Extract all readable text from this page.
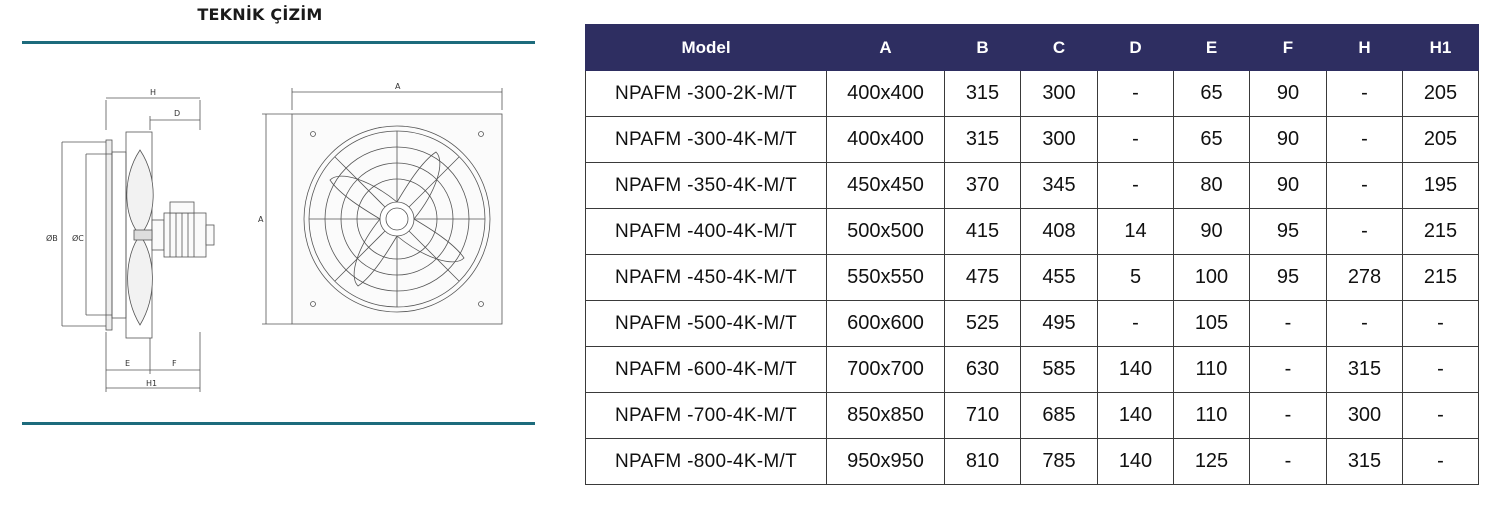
TEKNİK ÇİZİM
H
D
ØB ØC
E	F
H1
A
A
Model	A	B	C	D	E	F	H	H1
NPAFM -300-2K-M/T	400x400	315	300	-	65	90	-	205
NPAFM -300-4K-M/T	400x400	315	300	-	65	90	-	205
NPAFM -350-4K-M/T	450x450	370	345	-	80	90	-	195
NPAFM -400-4K-M/T	500x500	415	408	14	90	95	-	215
NPAFM -450-4K-M/T	550x550	475	455	5	100	95	278	215
NPAFM -500-4K-M/T	600x600	525	495	-	105	-	-	-
NPAFM -600-4K-M/T	700x700	630	585	140	110	-	315	-
NPAFM -700-4K-M/T	850x850	710	685	140	110	-	300	-
NPAFM -800-4K-M/T	950x950	810	785	140	125	-	315	-
